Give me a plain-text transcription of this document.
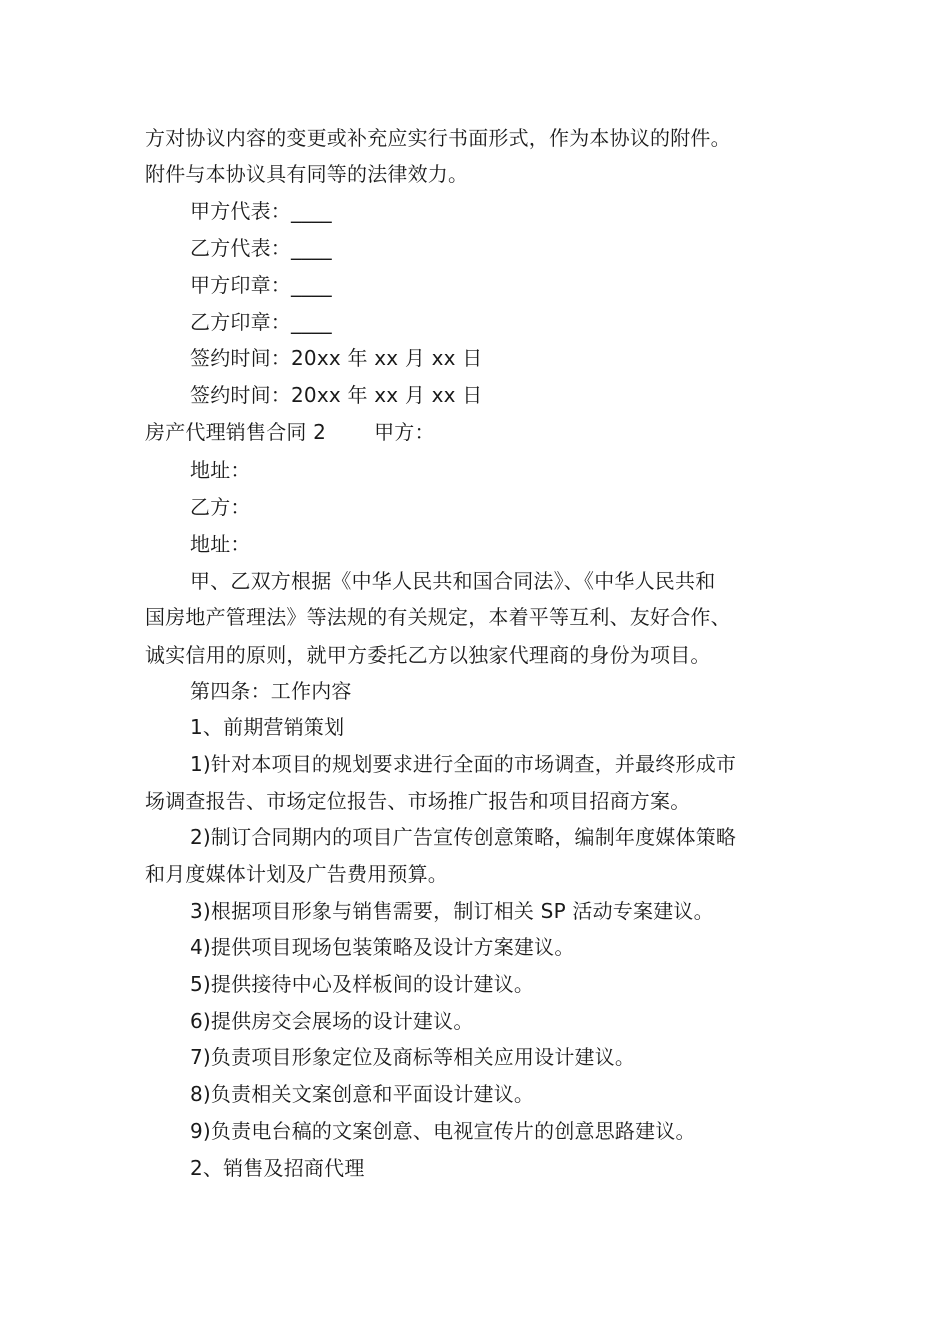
方对协议内容的变更或补充应实行书面形式，作为本协议的附件。
附件与本协议具有同等的法律效力。
甲方代表：____
乙方代表：____
甲方印章：____
乙方印章：____
签约时间：20xx 年 xx 月 xx 日
签约时间：20xx 年 xx 月 xx 日
房产代理销售合同 2 甲方：
地址：
乙方：
地址：
甲、乙双方根据《中华人民共和国合同法》、《中华人民共和
国房地产管理法》等法规的有关规定，本着平等互利、友好合作、
诚实信用的原则，就甲方委托乙方以独家代理商的身份为项目。
第四条：工作内容
1、前期营销策划
1)针对本项目的规划要求进行全面的市场调查，并最终形成市
场调查报告、市场定位报告、市场推广报告和项目招商方案。
2)制订合同期内的项目广告宣传创意策略，编制年度媒体策略
和月度媒体计划及广告费用预算。
3)根据项目形象与销售需要，制订相关 SP 活动专案建议。
4)提供项目现场包装策略及设计方案建议。
5)提供接待中心及样板间的设计建议。
6)提供房交会展场的设计建议。
7)负责项目形象定位及商标等相关应用设计建议。
8)负责相关文案创意和平面设计建议。
9)负责电台稿的文案创意、电视宣传片的创意思路建议。
2、销售及招商代理
